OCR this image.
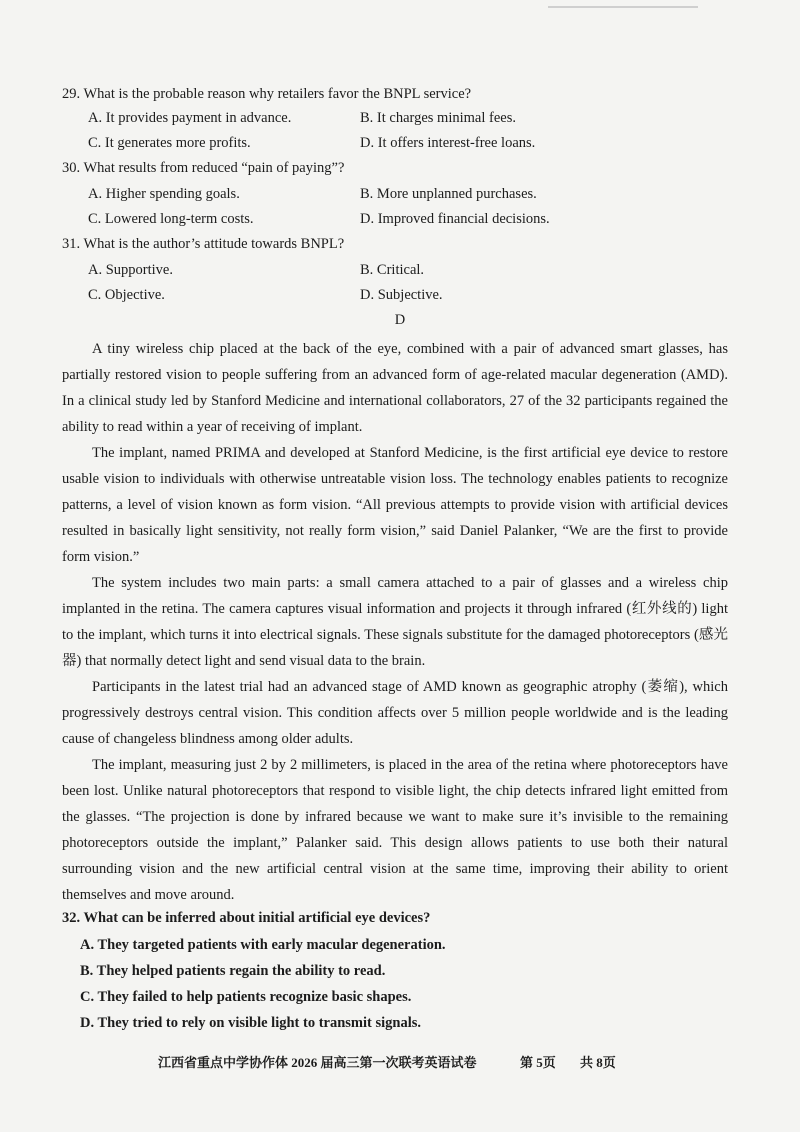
29. What is the probable reason why retailers favor the BNPL service?
A. It provides payment in advance.	B. It charges minimal fees.
C. It generates more profits.	D. It offers interest-free loans.
30. What results from reduced “pain of paying”?
A. Higher spending goals.	B. More unplanned purchases.
C. Lowered long-term costs.	D. Improved financial decisions.
31. What is the author’s attitude towards BNPL?
A. Supportive.	B. Critical.
C. Objective.	D. Subjective.
D

A tiny wireless chip placed at the back of the eye, combined with a pair of advanced smart glasses, has partially restored vision to people suffering from an advanced form of age-related macular degeneration (AMD). In a clinical study led by Stanford Medicine and international collaborators, 27 of the 32 participants regained the ability to read within a year of receiving of implant.

The implant, named PRIMA and developed at Stanford Medicine, is the first artificial eye device to restore usable vision to individuals with otherwise untreatable vision loss. The technology enables patients to recognize patterns, a level of vision known as form vision. “All previous attempts to provide vision with artificial devices resulted in basically light sensitivity, not really form vision,” said Daniel Palanker, “We are the first to provide form vision.”

The system includes two main parts: a small camera attached to a pair of glasses and a wireless chip implanted in the retina. The camera captures visual information and projects it through infrared (红外线的) light to the implant, which turns it into electrical signals. These signals substitute for the damaged photoreceptors (感光器) that normally detect light and send visual data to the brain.

Participants in the latest trial had an advanced stage of AMD known as geographic atrophy (萎缩), which progressively destroys central vision. This condition affects over 5 million people worldwide and is the leading cause of changeless blindness among older adults.

The implant, measuring just 2 by 2 millimeters, is placed in the area of the retina where photoreceptors have been lost. Unlike natural photoreceptors that respond to visible light, the chip detects infrared light emitted from the glasses. “The projection is done by infrared because we want to make sure it’s invisible to the remaining photoreceptors outside the implant,” Palanker said. This design allows patients to use both their natural surrounding vision and the new artificial central vision at the same time, improving their ability to orient themselves and move around.

32. What can be inferred about initial artificial eye devices?
A. They targeted patients with early macular degeneration.
B. They helped patients regain the ability to read.
C. They failed to help patients recognize basic shapes.
D. They tried to rely on visible light to transmit signals.
江西省重点中学协作体 2026 届高三第一次联考英语试卷	第 5页 共 8页
